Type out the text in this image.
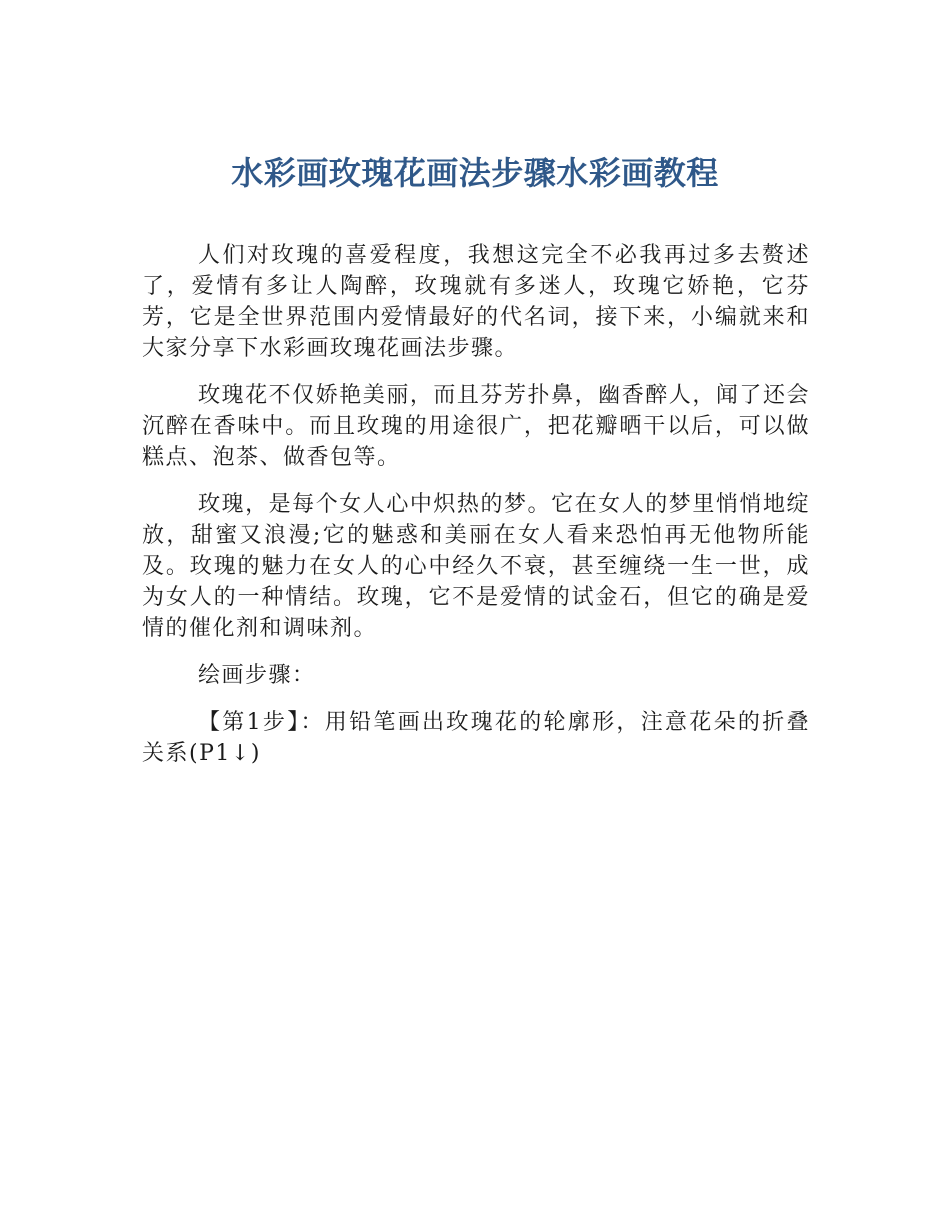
水彩画玫瑰花画法步骤水彩画教程

人们对玫瑰的喜爱程度，我想这完全不必我再过多去赘述了，爱情有多让人陶醉，玫瑰就有多迷人，玫瑰它娇艳，它芬芳，它是全世界范围内爱情最好的代名词，接下来，小编就来和大家分享下水彩画玫瑰花画法步骤。

玫瑰花不仅娇艳美丽，而且芬芳扑鼻，幽香醉人，闻了还会沉醉在香味中。而且玫瑰的用途很广，把花瓣晒干以后，可以做糕点、泡茶、做香包等。

玫瑰，是每个女人心中炽热的梦。它在女人的梦里悄悄地绽放，甜蜜又浪漫;它的魅惑和美丽在女人看来恐怕再无他物所能及。玫瑰的魅力在女人的心中经久不衰，甚至缠绕一生一世，成为女人的一种情结。玫瑰，它不是爱情的试金石，但它的确是爱情的催化剂和调味剂。

绘画步骤：

【第1步】：用铅笔画出玫瑰花的轮廓形，注意花朵的折叠关系(P1↓)
